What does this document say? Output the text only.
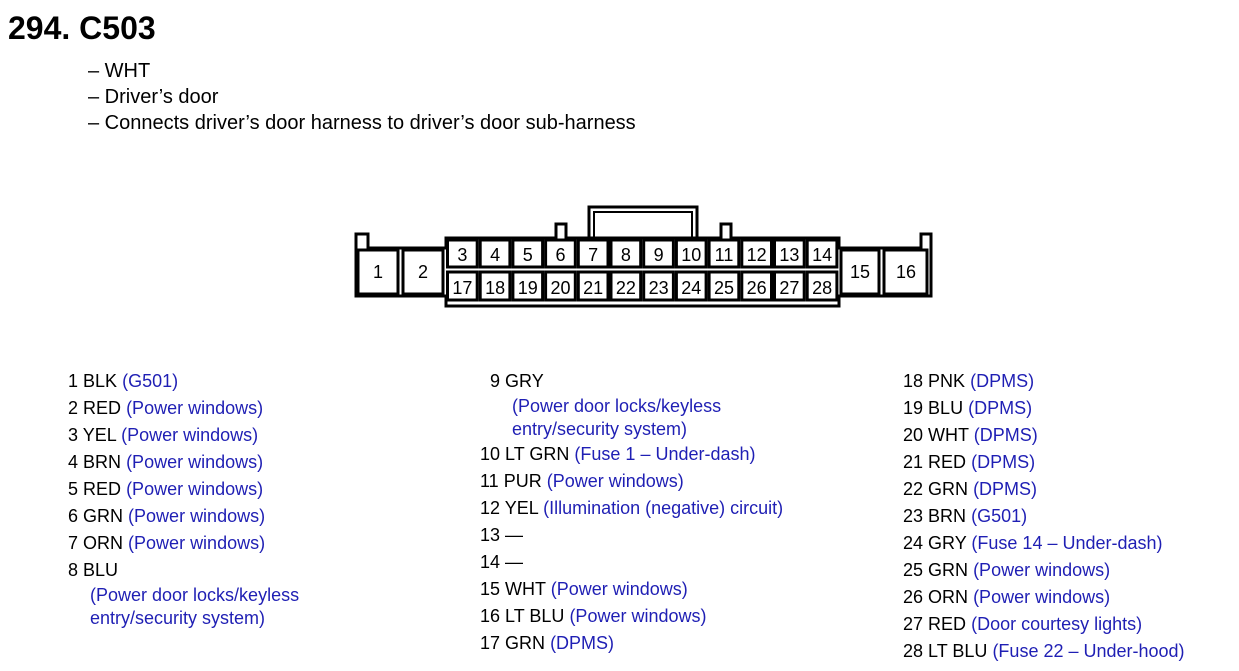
294. C503
– WHT
– Driver’s door
– Connects driver’s door harness to driver’s door sub-harness
3 4 5 6 7 8 9 10 11 12 13 14
17 18 19 20 21 22 23 24 25 26 27 28
1 2	15 16
1 BLK (G501)
2 RED (Power windows)
3 YEL (Power windows)
4 BRN (Power windows)
5 RED (Power windows)
6 GRN (Power windows)
7 ORN (Power windows)
8 BLU
(Power door locks/keyless
entry/security system)
9 GRY
(Power door locks/keyless
entry/security system)
10 LT GRN (Fuse 1 – Under-dash)
11 PUR (Power windows)
12 YEL (Illumination (negative) circuit)
13 —
14 —
15 WHT (Power windows)
16 LT BLU (Power windows)
17 GRN (DPMS)
18 PNK (DPMS)
19 BLU (DPMS)
20 WHT (DPMS)
21 RED (DPMS)
22 GRN (DPMS)
23 BRN (G501)
24 GRY (Fuse 14 – Under-dash)
25 GRN (Power windows)
26 ORN (Power windows)
27 RED (Door courtesy lights)
28 LT BLU (Fuse 22 – Under-hood)
